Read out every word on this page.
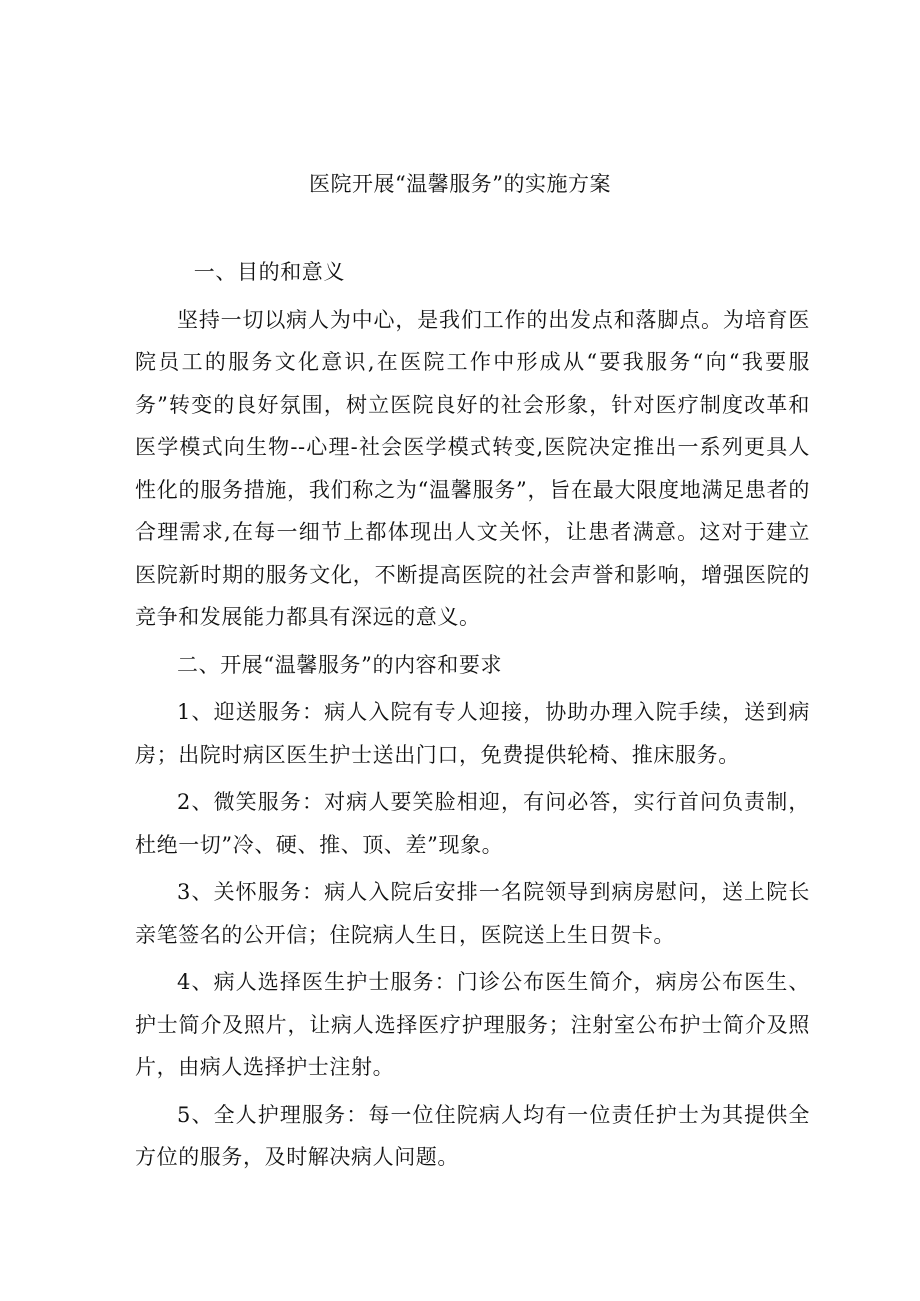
医院开展“温馨服务”的实施方案

一、目的和意义

坚持一切以病人为中心，是我们工作的出发点和落脚点。为培育医院员工的服务文化意识,在医院工作中形成从“要我服务“向“我要服务”转变的良好氛围，树立医院良好的社会形象，针对医疗制度改革和医学模式向生物--心理-社会医学模式转变,医院决定推出一系列更具人性化的服务措施，我们称之为“温馨服务”，旨在最大限度地满足患者的合理需求,在每一细节上都体现出人文关怀，让患者满意。这对于建立医院新时期的服务文化，不断提高医院的社会声誉和影响，增强医院的竞争和发展能力都具有深远的意义。

二、开展“温馨服务”的内容和要求

1、迎送服务：病人入院有专人迎接，协助办理入院手续，送到病房；出院时病区医生护士送出门口，免费提供轮椅、推床服务。

2、微笑服务：对病人要笑脸相迎，有问必答，实行首问负责制，杜绝一切”冷、硬、推、顶、差”现象。

3、关怀服务：病人入院后安排一名院领导到病房慰问，送上院长亲笔签名的公开信；住院病人生日，医院送上生日贺卡。

4、病人选择医生护士服务：门诊公布医生简介，病房公布医生、护士简介及照片，让病人选择医疗护理服务；注射室公布护士简介及照片，由病人选择护士注射。

5、全人护理服务：每一位住院病人均有一位责任护士为其提供全方位的服务，及时解决病人问题。
